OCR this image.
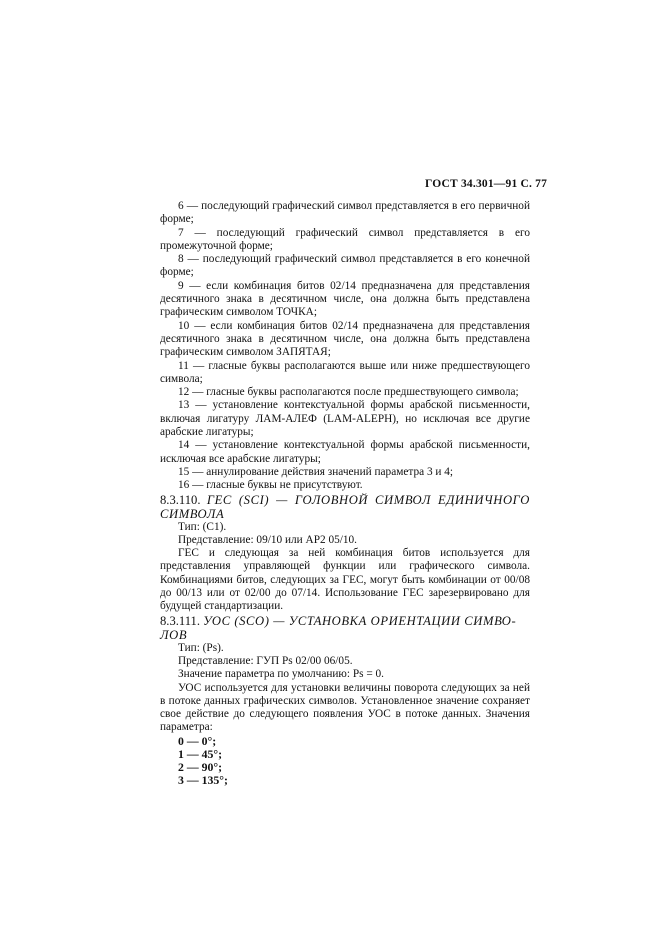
ГОСТ 34.301—91 С. 77

6 — последующий графический символ представляется в его первичной форме;

7 — последующий графический символ представляется в его промежуточной форме;

8 — последующий графический символ представляется в его конечной форме;

9 — если комбинация битов 02/14 предназначена для представления десятичного знака в десятичном числе, она должна быть представлена графическим символом ТОЧКА;

10 — если комбинация битов 02/14 предназначена для представления десятичного знака в десятичном числе, она должна быть представлена графическим символом ЗАПЯТАЯ;

11 — гласные буквы располагаются выше или ниже предшествующего символа;

12 — гласные буквы располагаются после предшествующего символа;

13 — установление контекстуальной формы арабской письменности, включая лигатуру ЛАМ-АЛЕФ (LAM-ALEPH), но исключая все другие арабские лигатуры;

14 — установление контекстуальной формы арабской письменности, исключая все арабские лигатуры;

15 — аннулирование действия значений параметра 3 и 4;

16 — гласные буквы не присутствуют.

8.3.110. ГЕС (SCI) — ГОЛОВНОЙ СИМВОЛ ЕДИНИЧНОГО СИМВОЛА

Тип: (С1).

Представление: 09/10 или АР2 05/10.

ГЕС и следующая за ней комбинация битов используется для представления управляющей функции или графического символа. Комбинациями битов, следующих за ГЕС, могут быть комбинации от 00/08 до 00/13 или от 02/00 до 07/14. Использование ГЕС зарезервировано для будущей стандартизации.

8.3.111. УОС (SCO) — УСТАНОВКА ОРИЕНТАЦИИ СИМВО-
ЛОВ

Тип: (Рs).

Представление: ГУП Рs 02/00 06/05.

Значение параметра по умолчанию: Рs = 0.

УОС используется для установки величины поворота следующих за ней в потоке данных графических символов. Установленное значение сохраняет свое действие до следующего появления УОС в потоке данных. Значения параметра:

0 — 0°;

1 — 45°;

2 — 90°;

3 — 135°;
